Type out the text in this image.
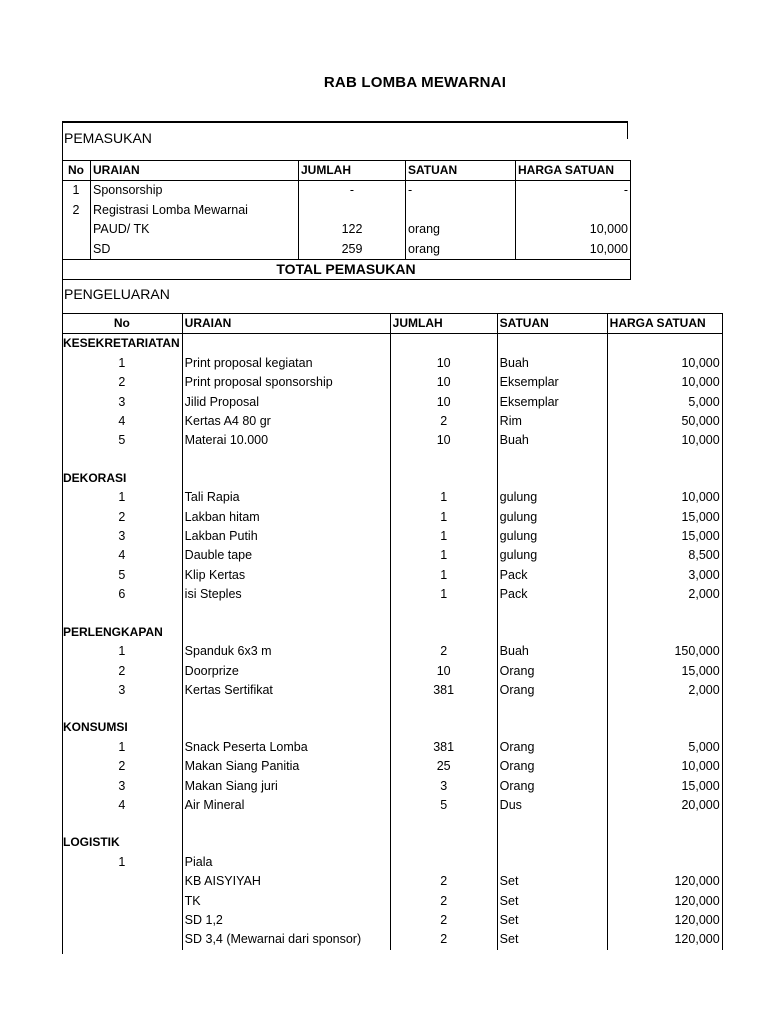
RAB LOMBA MEWARNAI
PEMASUKAN
No	URAIAN	JUMLAH	SATUAN	HARGA SATUAN
1	Sponsorship	-	-	-
2	Registrasi Lomba Mewarnai			
	PAUD/ TK	122	orang	10,000
	SD	259	orang	10,000
TOTAL PEMASUKAN				
PENGELUARAN
No	URAIAN	JUMLAH	SATUAN	HARGA SATUAN
KESEKRETARIATAN				
1	Print proposal kegiatan	10	Buah	10,000
2	Print proposal sponsorship	10	Eksemplar	10,000
3	Jilid Proposal	10	Eksemplar	5,000
4	Kertas A4 80 gr	2	Rim	50,000
5	Materai 10.000	10	Buah	10,000

DEKORASI				
1	Tali Rapia	1	gulung	10,000
2	Lakban hitam	1	gulung	15,000
3	Lakban Putih	1	gulung	15,000
4	Dauble tape	1	gulung	8,500
5	Klip Kertas	1	Pack	3,000
6	isi Steples	1	Pack	2,000

PERLENGKAPAN				
1	Spanduk 6x3 m	2	Buah	150,000
2	Doorprize	10	Orang	15,000
3	Kertas Sertifikat	381	Orang	2,000

KONSUMSI				
1	Snack Peserta Lomba	381	Orang	5,000
2	Makan Siang Panitia	25	Orang	10,000
3	Makan Siang juri	3	Orang	15,000
4	Air Mineral	5	Dus	20,000

LOGISTIK				
1	Piala			
	KB AISYIYAH	2	Set	120,000
	TK	2	Set	120,000
	SD 1,2	2	Set	120,000
	SD 3,4 (Mewarnai dari sponsor)	2	Set	120,000
